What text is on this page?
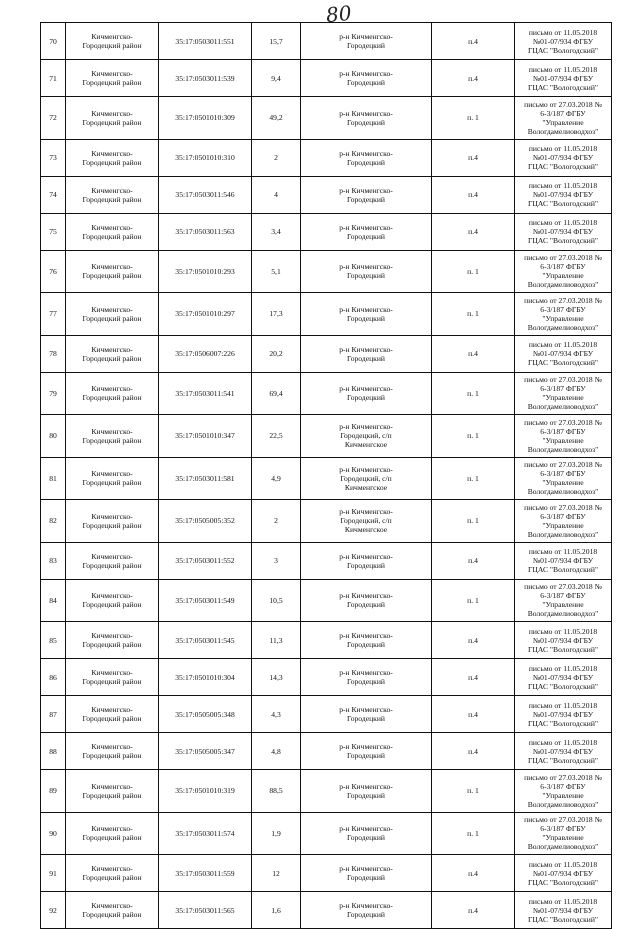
80
70	Кичменгско-
Городецкий район	35:17:0503011:551	15,7	р-н Кичменгско-
Городецкий	п.4	письмо от 11.05.2018
№01-07/934 ФГБУ
ГЦАС "Вологодский"

71	Кичменгско-
Городецкий район	35:17:0503011:539	9,4	р-н Кичменгско-
Городецкий	п.4	письмо от 11.05.2018
№01-07/934 ФГБУ
ГЦАС "Вологодский"

72	Кичменгско-
Городецкий район	35:17:0501010:309	49,2	р-н Кичменгско-
Городецкий	п. 1	письмо от 27.03.2018 №
6-3/187 ФГБУ
"Управление
Вологдамелиоводхоз"

73	Кичменгско-
Городецкий район	35:17:0501010:310	2	р-н Кичменгско-
Городецкий	п.4	письмо от 11.05.2018
№01-07/934 ФГБУ
ГЦАС "Вологодский"

74	Кичменгско-
Городецкий район	35:17:0503011:546	4	р-н Кичменгско-
Городецкий	п.4	письмо от 11.05.2018
№01-07/934 ФГБУ
ГЦАС "Вологодский"

75	Кичменгско-
Городецкий район	35:17:0503011:563	3,4	р-н Кичменгско-
Городецкий	п.4	письмо от 11.05.2018
№01-07/934 ФГБУ
ГЦАС "Вологодский"

76	Кичменгско-
Городецкий район	35:17:0501010:293	5,1	р-н Кичменгско-
Городецкий	п. 1	письмо от 27.03.2018 №
6-3/187 ФГБУ
"Управление
Вологдамелиоводхоз"

77	Кичменгско-
Городецкий район	35:17:0501010:297	17,3	р-н Кичменгско-
Городецкий	п. 1	письмо от 27.03.2018 №
6-3/187 ФГБУ
"Управление
Вологдамелиоводхоз"

78	Кичменгско-
Городецкий район	35:17:0506007:226	20,2	р-н Кичменгско-
Городецкий	п.4	письмо от 11.05.2018
№01-07/934 ФГБУ
ГЦАС "Вологодский"

79	Кичменгско-
Городецкий район	35:17:0503011:541	69,4	р-н Кичменгско-
Городецкий	п. 1	письмо от 27.03.2018 №
6-3/187 ФГБУ
"Управление
Вологдамелиоводхоз"

80	Кичменгско-
Городецкий район	35:17:0501010:347	22,5	р-н Кичменгско-
Городецкий, с/п
Кичменгское	п. 1	письмо от 27.03.2018 №
6-3/187 ФГБУ
"Управление
Вологдамелиоводхоз"

81	Кичменгско-
Городецкий район	35:17:0503011:581	4,9	р-н Кичменгско-
Городецкий, с/п
Кичменгское	п. 1	письмо от 27.03.2018 №
6-3/187 ФГБУ
"Управление
Вологдамелиоводхоз"

82	Кичменгско-
Городецкий район	35:17:0505005:352	2	р-н Кичменгско-
Городецкий, с/п
Кичменгское	п. 1	письмо от 27.03.2018 №
6-3/187 ФГБУ
"Управление
Вологдамелиоводхоз"

83	Кичменгско-
Городецкий район	35:17:0503011:552	3	р-н Кичменгско-
Городецкий	п.4	письмо от 11.05.2018
№01-07/934 ФГБУ
ГЦАС "Вологодский"

84	Кичменгско-
Городецкий район	35:17:0503011:549	10,5	р-н Кичменгско-
Городецкий	п. 1	письмо от 27.03.2018 №
6-3/187 ФГБУ
"Управление
Вологдамелиоводхоз"

85	Кичменгско-
Городецкий район	35:17:0503011:545	11,3	р-н Кичменгско-
Городецкий	п.4	письмо от 11.05.2018
№01-07/934 ФГБУ
ГЦАС "Вологодский"

86	Кичменгско-
Городецкий район	35:17:0501010:304	14,3	р-н Кичменгско-
Городецкий	п.4	письмо от 11.05.2018
№01-07/934 ФГБУ
ГЦАС "Вологодский"

87	Кичменгско-
Городецкий район	35:17:0505005:348	4,3	р-н Кичменгско-
Городецкий	п.4	письмо от 11.05.2018
№01-07/934 ФГБУ
ГЦАС "Вологодский"

88	Кичменгско-
Городецкий район	35:17:0505005:347	4,8	р-н Кичменгско-
Городецкий	п.4	письмо от 11.05.2018
№01-07/934 ФГБУ
ГЦАС "Вологодский"

89	Кичменгско-
Городецкий район	35:17:0501010:319	88,5	р-н Кичменгско-
Городецкий	п. 1	письмо от 27.03.2018 №
6-3/187 ФГБУ
"Управление
Вологдамелиоводхоз"

90	Кичменгско-
Городецкий район	35:17:0503011:574	1,9	р-н Кичменгско-
Городецкий	п. 1	письмо от 27.03.2018 №
6-3/187 ФГБУ
"Управление
Вологдамелиоводхоз"

91	Кичменгско-
Городецкий район	35:17:0503011:559	12	р-н Кичменгско-
Городецкий	п.4	письмо от 11.05.2018
№01-07/934 ФГБУ
ГЦАС "Вологодский"

92	Кичменгско-
Городецкий район	35:17:0503011:565	1,6	р-н Кичменгско-
Городецкий	п.4	письмо от 11.05.2018
№01-07/934 ФГБУ
ГЦАС "Вологодский"
